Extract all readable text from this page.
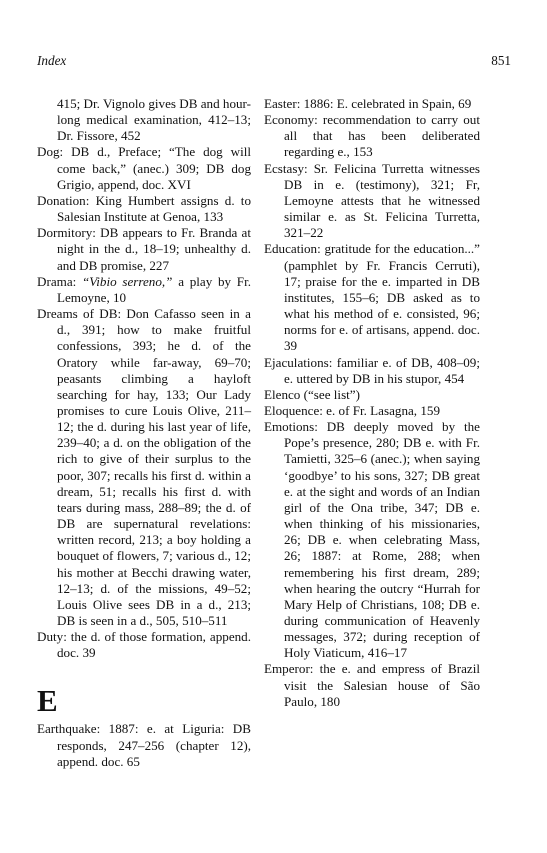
Index	851

415; Dr. Vignolo gives DB and hour-long medical examination, 412–13; Dr. Fissore, 452

Dog: DB d., Preface; “The dog will come back,” (anec.) 309; DB dog Grigio, append, doc. XVI

Donation: King Humbert assigns d. to Salesian Institute at Genoa, 133

Dormitory: DB appears to Fr. Branda at night in the d., 18–19; unhealthy d. and DB promise, 227

Drama: “Vibio serreno,” a play by Fr. Lemoyne, 10

Dreams of DB: Don Cafasso seen in a d., 391; how to make fruitful confessions, 393; he d. of the Oratory while far-away, 69–70; peasants climbing a hayloft searching for hay, 133; Our Lady promises to cure Louis Olive, 211–12; the d. during his last year of life, 239–40; a d. on the obligation of the rich to give of their surplus to the poor, 307; recalls his first d. within a dream, 51; recalls his first d. with tears during mass, 288–89; the d. of DB are supernatural revelations: written record, 213; a boy holding a bouquet of flowers, 7; various d., 12; his mother at Becchi drawing water, 12–13; d. of the missions, 49–52; Louis Olive sees DB in a d., 213; DB is seen in a d., 505, 510–511

Duty: the d. of those formation, append. doc. 39

E

Earthquake: 1887: e. at Liguria: DB responds, 247–256 (chapter 12), append. doc. 65

Easter: 1886: E. celebrated in Spain, 69

Economy: recommendation to carry out all that has been deliberated regarding e., 153

Ecstasy: Sr. Felicina Turretta witnesses DB in e. (testimony), 321; Fr, Lemoyne attests that he witnessed similar e. as St. Felicina Turretta, 321–22

Education: gratitude for the education...” (pamphlet by Fr. Francis Cerruti), 17; praise for the e. imparted in DB institutes, 155–6; DB asked as to what his method of e. consisted, 96; norms for e. of artisans, append. doc. 39

Ejaculations: familiar e. of DB, 408–09; e. uttered by DB in his stupor, 454

Elenco (“see list”)

Eloquence: e. of Fr. Lasagna, 159

Emotions: DB deeply moved by the Pope’s presence, 280; DB e. with Fr. Tamietti, 325–6 (anec.); when saying ‘goodbye’ to his sons, 327; DB great e. at the sight and words of an Indian girl of the Ona tribe, 347; DB e. when thinking of his missionaries, 26; DB e. when celebrating Mass, 26; 1887: at Rome, 288; when remembering his first dream, 289; when hearing the outcry “Hurrah for Mary Help of Christians, 108; DB e. during communication of Heavenly messages, 372; during reception of Holy Viaticum, 416–17

Emperor: the e. and empress of Brazil visit the Salesian house of São Paulo, 180
